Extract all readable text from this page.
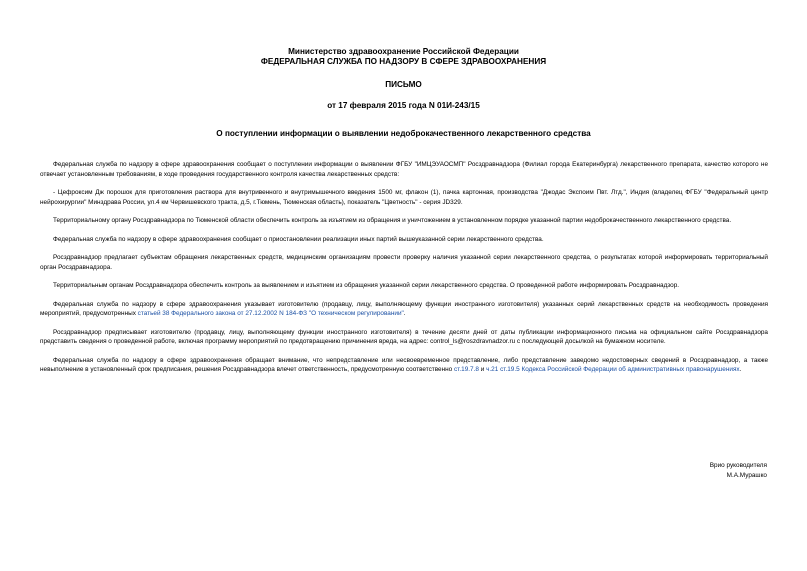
Министерство здравоохранение Российской Федерации
ФЕДЕРАЛЬНАЯ СЛУЖБА ПО НАДЗОРУ В СФЕРЕ ЗДРАВООХРАНЕНИЯ
ПИСЬМО
от 17 февраля 2015 года N 01И-243/15
О поступлении информации о выявлении недоброкачественного лекарственного средства

Федеральная служба по надзору в сфере здравоохранения сообщает о поступлении информации о выявлении ФГБУ "ИМЦЭУАОСМП" Росздравнадзора (Филиал города Екатеринбурга) лекарственного препарата, качество которого не отвечает установленным требованиям, в ходе проведения государственного контроля качества лекарственных средств:

- Цефроксим Дж порошок для приготовления раствора для внутривенного и внутримышечного введения 1500 мг, флакон (1), пачка картонная, производства "Джодас Экспоим Пвт. Лтд.", Индия (владелец ФГБУ "Федеральный центр нейрохирургии" Минздрава России, ул.4 км Червишевского тракта, д.5, г.Тюмень, Тюменская область), показатель "Цветность" - серия JD329.

Территориальному органу Росздравнадзора по Тюменской области обеспечить контроль за изъятием из обращения и уничтожением в установленном порядке указанной партии недоброкачественного лекарственного средства.

Федеральная служба по надзору в сфере здравоохранения сообщает о приостановлении реализации иных партий вышеуказанной серии лекарственного средства.

Росздравнадзор предлагает субъектам обращения лекарственных средств, медицинским организациям провести проверку наличия указанной серии лекарственного средства, о результатах которой информировать территориальный орган Росздравнадзора.

Территориальным органам Росздравнадзора обеспечить контроль за выявлением и изъятием из обращения указанной серии лекарственного средства. О проведенной работе информировать Росздравнадзор.

Федеральная служба по надзору в сфере здравоохранения указывает изготовителю (продавцу, лицу, выполняющему функции иностранного изготовителя) указанных серий лекарственных средств на необходимость проведения мероприятий, предусмотренных статьей 38 Федерального закона от 27.12.2002 N 184-ФЗ "О техническом регулировании".

Росздравнадзор предписывает изготовителю (продавцу, лицу, выполняющему функции иностранного изготовителя) в течение десяти дней от даты публикации информационного письма на официальном сайте Росздравнадзора представить сведения о проведенной работе, включая программу мероприятий по предотвращению причинения вреда, на адрес: control_ls@roszdravnadzor.ru с последующей досылкой на бумажном носителе.

Федеральная служба по надзору в сфере здравоохранения обращает внимание, что непредставление или несвоевременное представление, либо представление заведомо недостоверных сведений в Росздравнадзор, а также невыполнение в установленный срок предписания, решения Росздравнадзора влечет ответственность, предусмотренную соответственно ст.19.7.8 и ч.21 ст.19.5 Кодекса Российской Федерации об административных правонарушениях.

Врио руководителя
М.А.Мурашко
